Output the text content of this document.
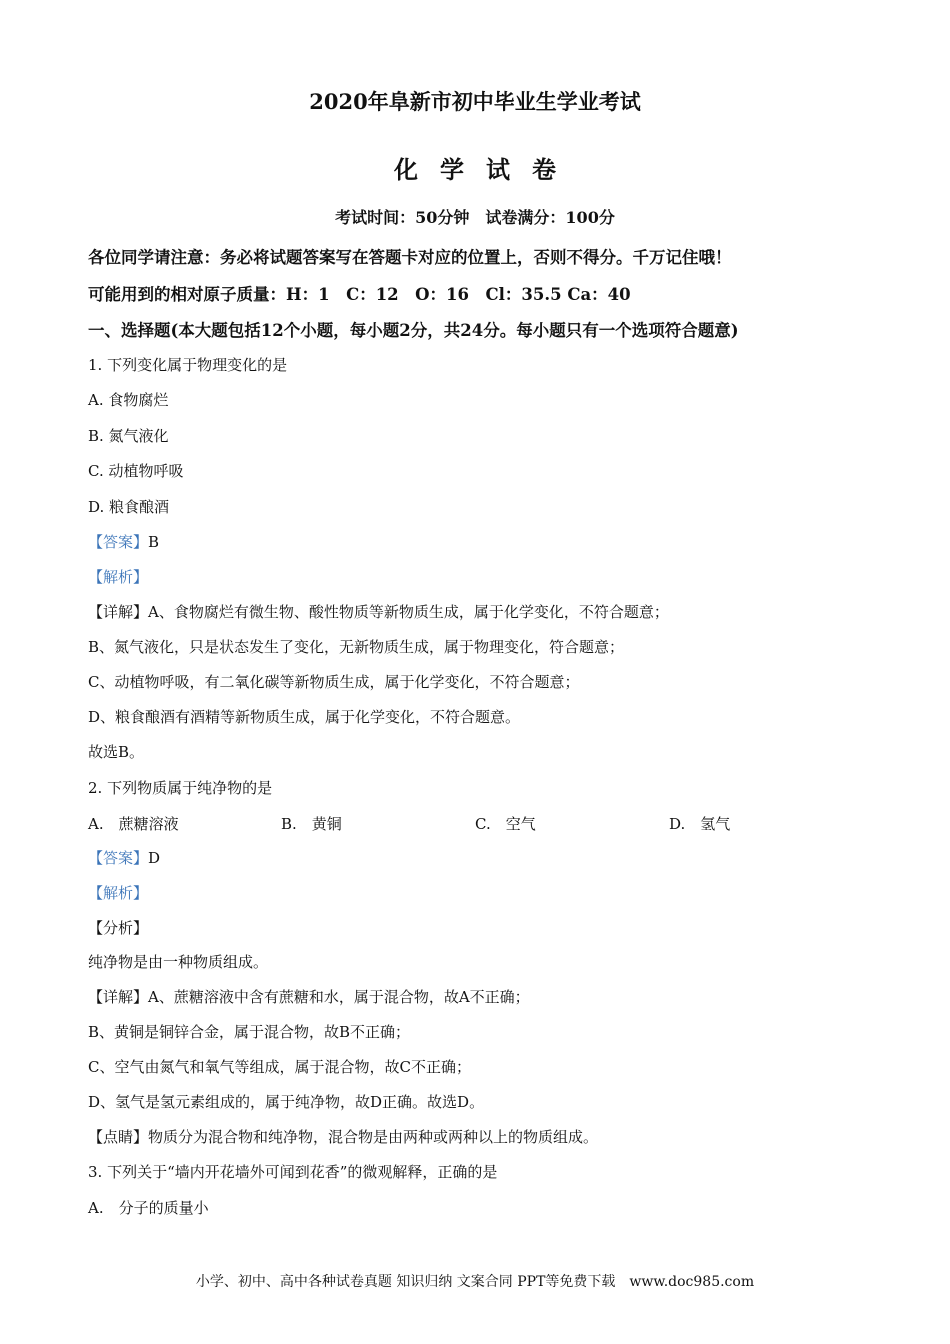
2020年阜新市初中毕业生学业考试
化学试卷
考试时间：50分钟　试卷满分：100分
各位同学请注意：务必将试题答案写在答题卡对应的位置上，否则不得分。千万记住哦！
可能用到的相对原子质量：H：1　C：12　O：16　Cl：35.5 Ca：40
一、选择题(本大题包括12个小题，每小题2分，共24分。每小题只有一个选项符合题意)
1. 下列变化属于物理变化的是
A. 食物腐烂
B. 氮气液化
C. 动植物呼吸
D. 粮食酿酒
【答案】B
【解析】
【详解】A、食物腐烂有微生物、酸性物质等新物质生成，属于化学变化，不符合题意；
B、氮气液化，只是状态发生了变化，无新物质生成，属于物理变化，符合题意；
C、动植物呼吸，有二氧化碳等新物质生成，属于化学变化，不符合题意；
D、粮食酿酒有酒精等新物质生成，属于化学变化，不符合题意。
故选B。
2. 下列物质属于纯净物的是
A.　蔗糖溶液	B.　黄铜	C.　空气	D.　氢气
【答案】D
【解析】
【分析】
纯净物是由一种物质组成。
【详解】A、蔗糖溶液中含有蔗糖和水，属于混合物，故A不正确；
B、黄铜是铜锌合金，属于混合物，故B不正确；
C、空气由氮气和氧气等组成，属于混合物，故C不正确；
D、氢气是氢元素组成的，属于纯净物，故D正确。故选D。
【点睛】物质分为混合物和纯净物，混合物是由两种或两种以上的物质组成。
3. 下列关于“墙内开花墙外可闻到花香”的微观解释，正确的是
A.　分子的质量小
小学、初中、高中各种试卷真题 知识归纳 文案合同 PPT等免费下载　www.doc985.com
